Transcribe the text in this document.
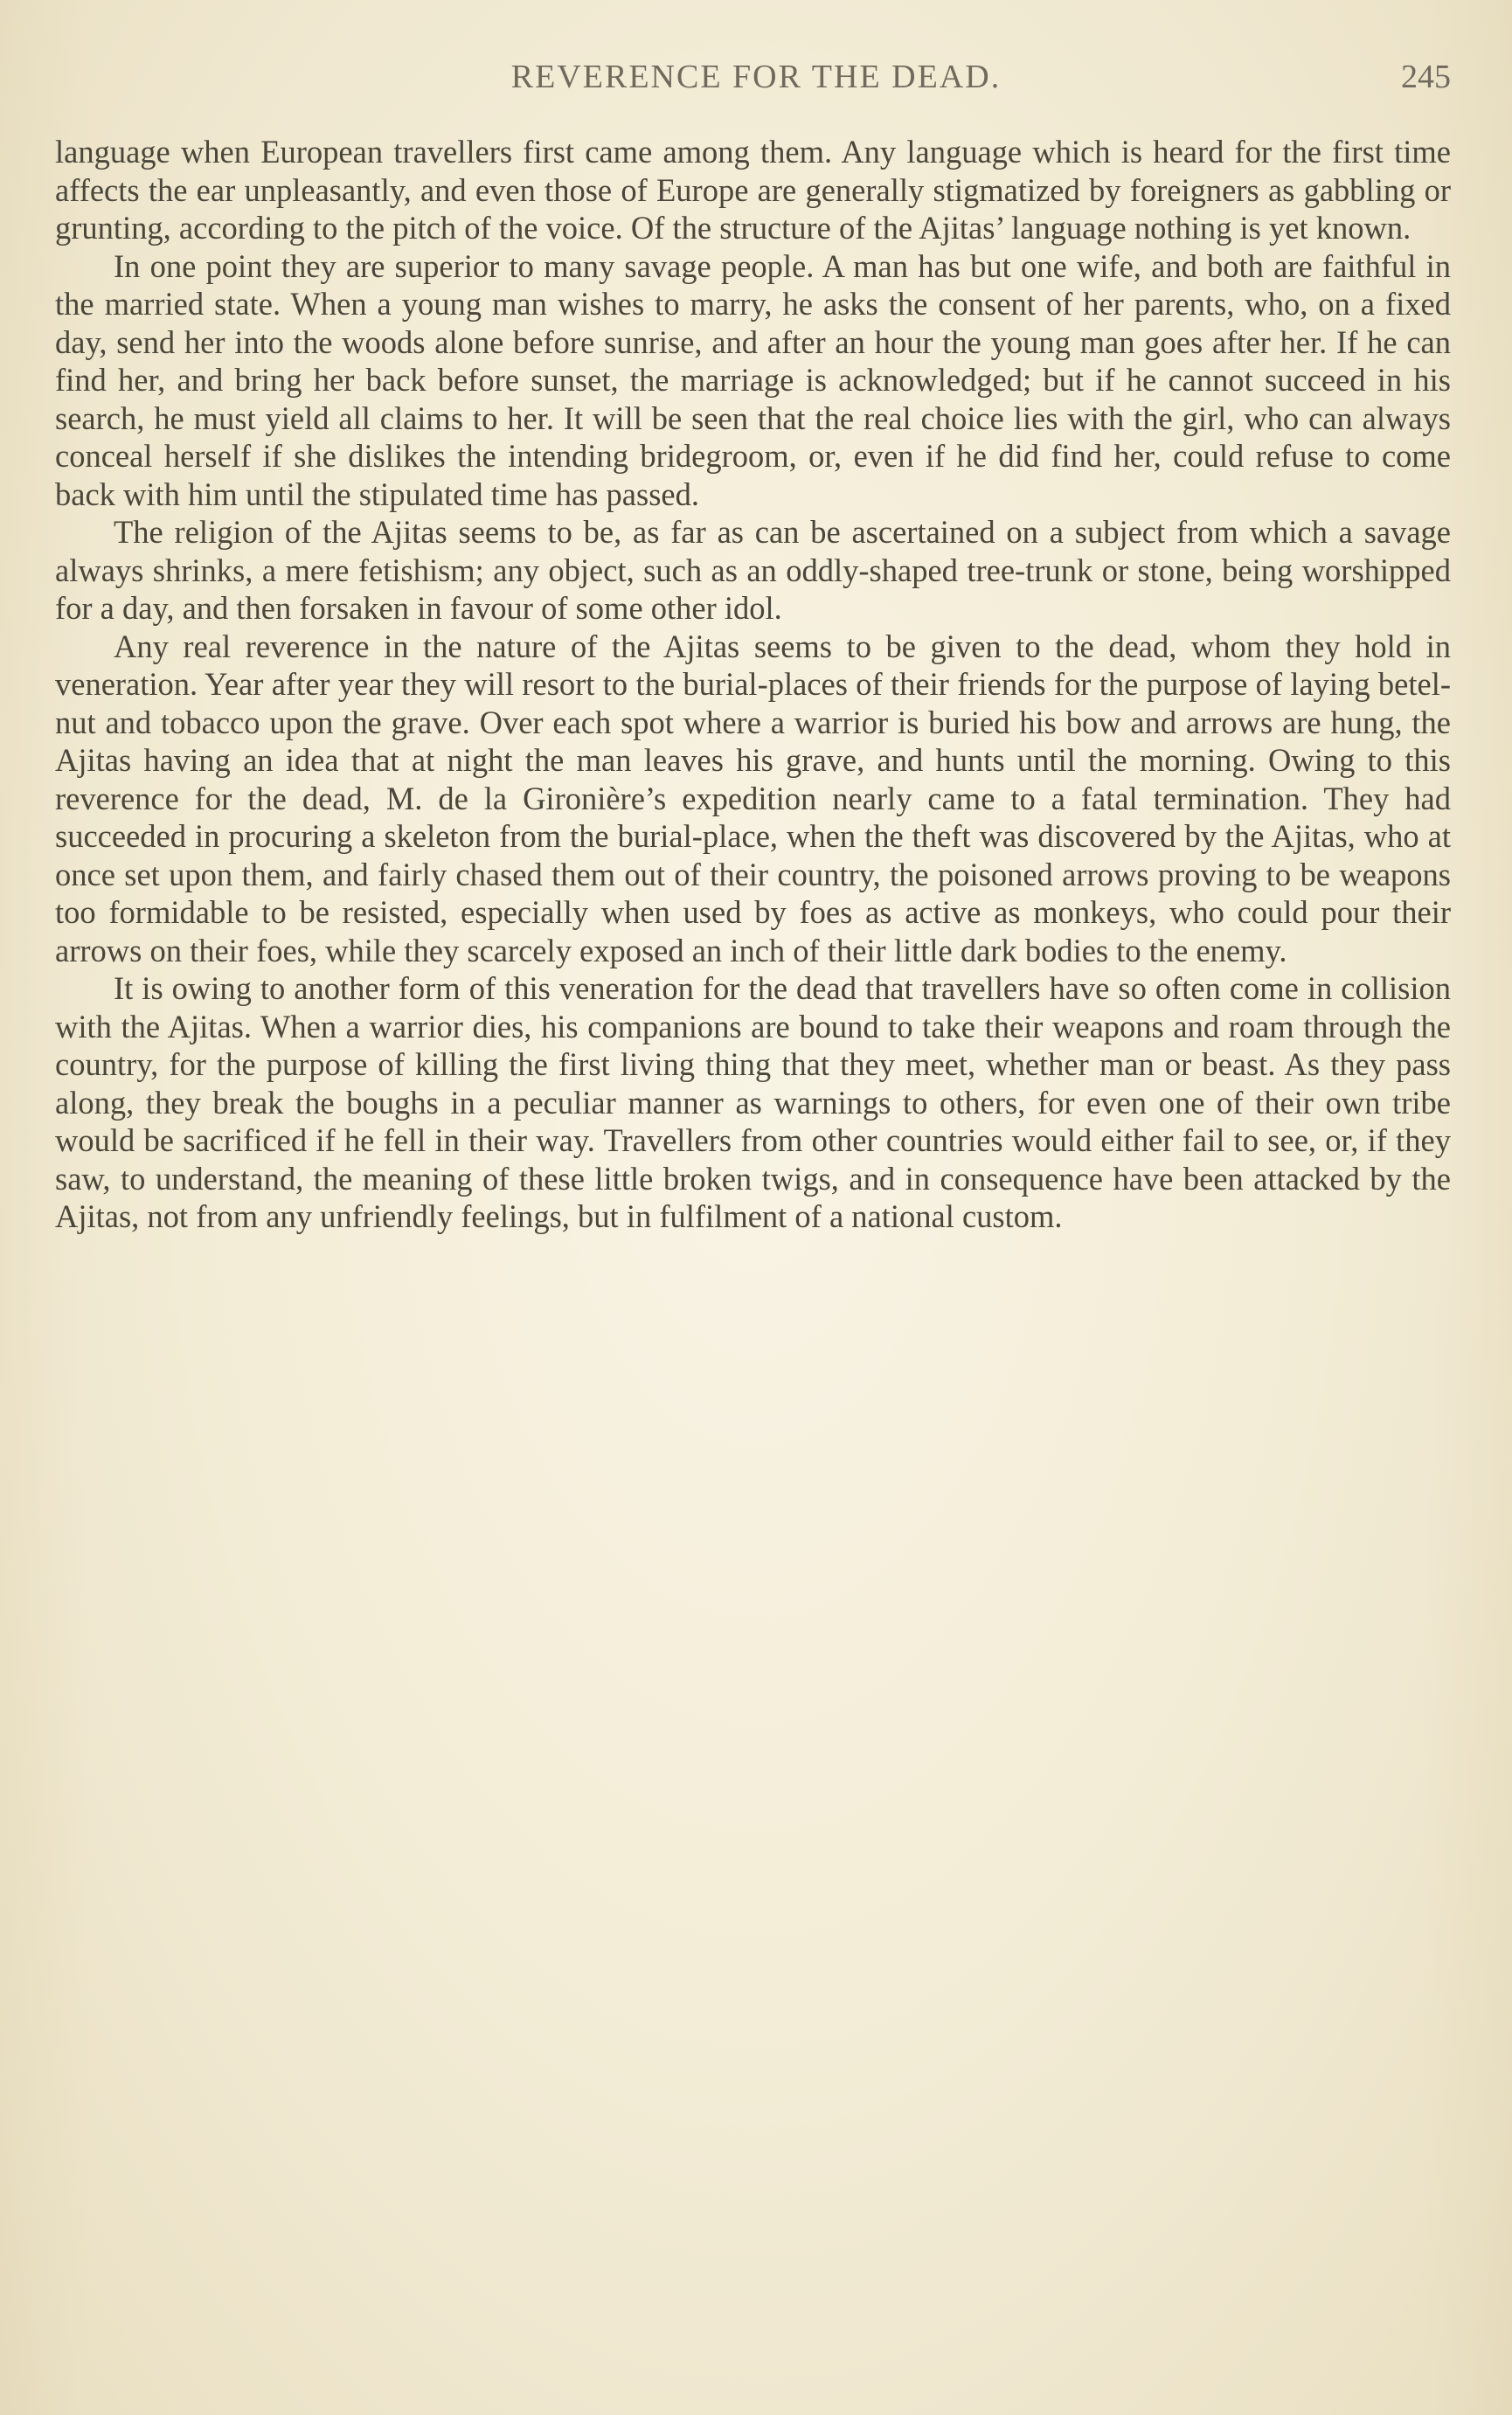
REVERENCE FOR THE DEAD.	245

language when European travellers first came among them. Any language which is heard for the first time affects the ear unpleasantly, and even those of Europe are generally stigmatized by foreigners as gabbling or grunting, according to the pitch of the voice. Of the structure of the Ajitas’ language nothing is yet known.

In one point they are superior to many savage people. A man has but one wife, and both are faithful in the married state. When a young man wishes to marry, he asks the consent of her parents, who, on a fixed day, send her into the woods alone before sunrise, and after an hour the young man goes after her. If he can find her, and bring her back before sunset, the marriage is acknowledged; but if he cannot succeed in his search, he must yield all claims to her. It will be seen that the real choice lies with the girl, who can always conceal herself if she dislikes the intending bridegroom, or, even if he did find her, could refuse to come back with him until the stipulated time has passed.

The religion of the Ajitas seems to be, as far as can be ascertained on a subject from which a savage always shrinks, a mere fetishism; any object, such as an oddly-shaped tree-trunk or stone, being worshipped for a day, and then forsaken in favour of some other idol.

Any real reverence in the nature of the Ajitas seems to be given to the dead, whom they hold in veneration. Year after year they will resort to the burial-places of their friends for the purpose of laying betel-nut and tobacco upon the grave. Over each spot where a warrior is buried his bow and arrows are hung, the Ajitas having an idea that at night the man leaves his grave, and hunts until the morning. Owing to this reverence for the dead, M. de la Gironière’s expedition nearly came to a fatal termination. They had succeeded in procuring a skeleton from the burial-place, when the theft was discovered by the Ajitas, who at once set upon them, and fairly chased them out of their country, the poisoned arrows proving to be weapons too formidable to be resisted, especially when used by foes as active as monkeys, who could pour their arrows on their foes, while they scarcely exposed an inch of their little dark bodies to the enemy.

It is owing to another form of this veneration for the dead that travellers have so often come in collision with the Ajitas. When a warrior dies, his companions are bound to take their weapons and roam through the country, for the purpose of killing the first living thing that they meet, whether man or beast. As they pass along, they break the boughs in a peculiar manner as warnings to others, for even one of their own tribe would be sacrificed if he fell in their way. Travellers from other countries would either fail to see, or, if they saw, to understand, the meaning of these little broken twigs, and in consequence have been attacked by the Ajitas, not from any unfriendly feelings, but in fulfilment of a national custom.
